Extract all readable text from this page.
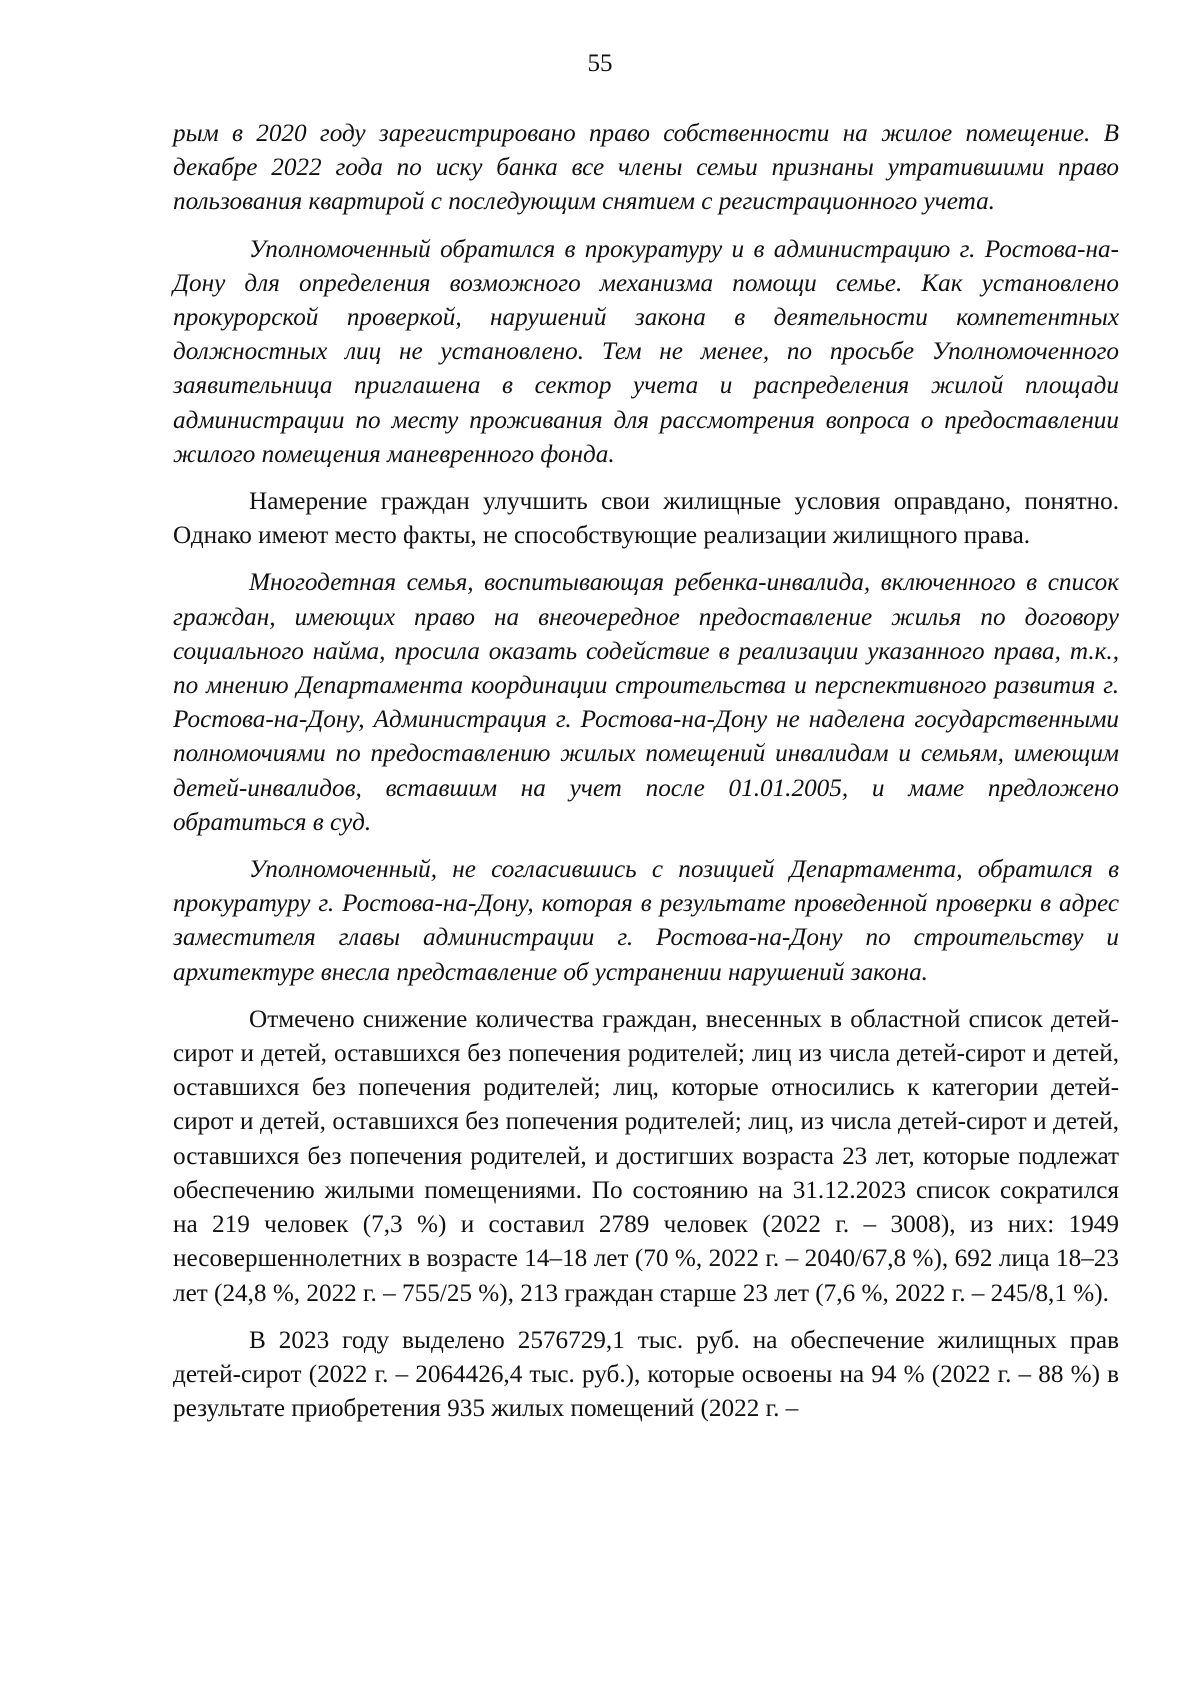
55

рым в 2020 году зарегистрировано право собственности на жилое помещение. В декабре 2022 года по иску банка все члены семьи признаны утратившими право пользования квартирой с последующим снятием с регистрационного учета.

Уполномоченный обратился в прокуратуру и в администрацию г. Ростова-на-Дону для определения возможного механизма помощи семье. Как установлено прокурорской проверкой, нарушений закона в деятельности компетентных должностных лиц не установлено. Тем не менее, по просьбе Уполномоченного заявительница приглашена в сектор учета и распределения жилой площади администрации по месту проживания для рассмотрения вопроса о предоставлении жилого помещения маневренного фонда.

Намерение граждан улучшить свои жилищные условия оправдано, понятно. Однако имеют место факты, не способствующие реализации жилищного права.

Многодетная семья, воспитывающая ребенка-инвалида, включенного в список граждан, имеющих право на внеочередное предоставление жилья по договору социального найма, просила оказать содействие в реализации указанного права, т.к., по мнению Департамента координации строительства и перспективного развития г. Ростова-на-Дону, Администрация г. Ростова-на-Дону не наделена государственными полномочиями по предоставлению жилых помещений инвалидам и семьям, имеющим детей-инвалидов, вставшим на учет после 01.01.2005, и маме предложено обратиться в суд.

Уполномоченный, не согласившись с позицией Департамента, обратился в прокуратуру г. Ростова-на-Дону, которая в результате проведенной проверки в адрес заместителя главы администрации г. Ростова-на-Дону по строительству и архитектуре внесла представление об устранении нарушений закона.

Отмечено снижение количества граждан, внесенных в областной список детей-сирот и детей, оставшихся без попечения родителей; лиц из числа детей-сирот и детей, оставшихся без попечения родителей; лиц, которые относились к категории детей-сирот и детей, оставшихся без попечения родителей; лиц, из числа детей-сирот и детей, оставшихся без попечения родителей, и достигших возраста 23 лет, которые подлежат обеспечению жилыми помещениями. По состоянию на 31.12.2023 список сократился на 219 человек (7,3 %) и составил 2789 человек (2022 г. – 3008), из них: 1949 несовершеннолетних в возрасте 14–18 лет (70 %, 2022 г. – 2040/67,8 %), 692 лица 18–23 лет (24,8 %, 2022 г. – 755/25 %), 213 граждан старше 23 лет (7,6 %, 2022 г. – 245/8,1 %).

В 2023 году выделено 2576729,1 тыс. руб. на обеспечение жилищных прав детей-сирот (2022 г. – 2064426,4 тыс. руб.), которые освоены на 94 % (2022 г. – 88 %) в результате приобретения 935 жилых помещений (2022 г. –
